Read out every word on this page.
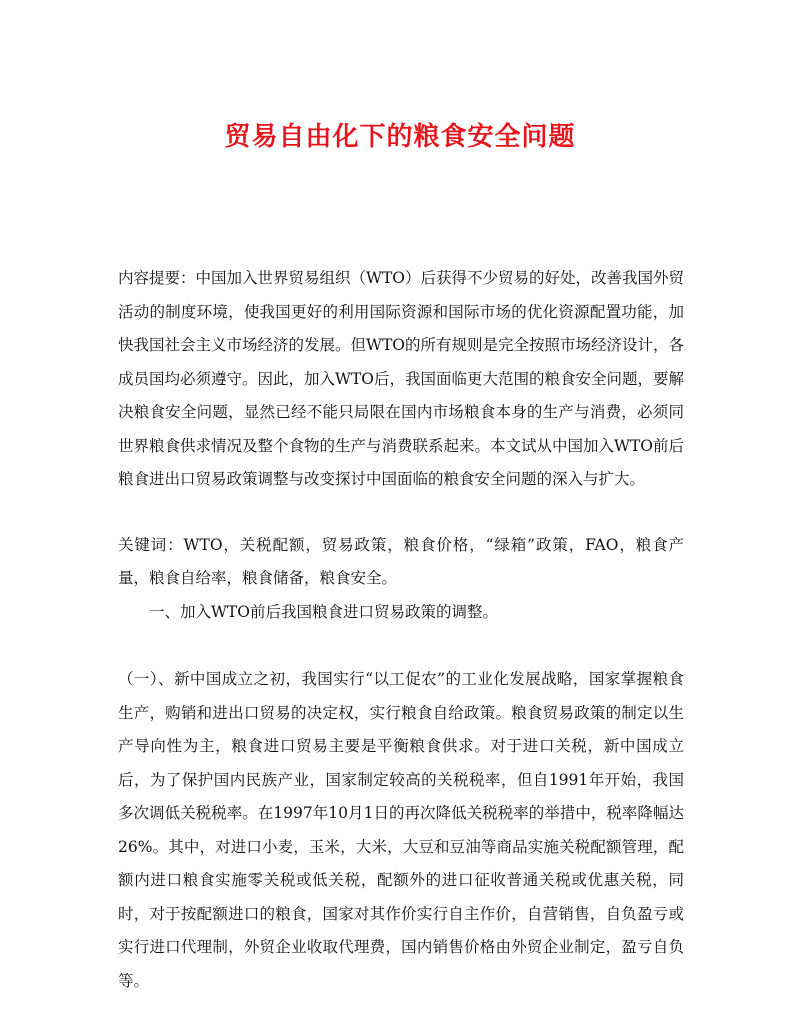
贸易自由化下的粮食安全问题

内容提要：中国加入世界贸易组织（WTO）后获得不少贸易的好处，改善我国外贸活动的制度环境，使我国更好的利用国际资源和国际市场的优化资源配置功能，加快我国社会主义市场经济的发展。但WTO的所有规则是完全按照市场经济设计，各成员国均必须遵守。因此，加入WTO后，我国面临更大范围的粮食安全问题，要解决粮食安全问题，显然已经不能只局限在国内市场粮食本身的生产与消费，必须同世界粮食供求情况及整个食物的生产与消费联系起来。本文试从中国加入WTO前后粮食进出口贸易政策调整与改变探讨中国面临的粮食安全问题的深入与扩大。

关键词：WTO，关税配额，贸易政策，粮食价格，“绿箱”政策，FAO，粮食产量，粮食自给率，粮食储备，粮食安全。

一、加入WTO前后我国粮食进口贸易政策的调整。

（一）、新中国成立之初，我国实行“以工促农”的工业化发展战略，国家掌握粮食生产，购销和进出口贸易的决定权，实行粮食自给政策。粮食贸易政策的制定以生产导向性为主，粮食进口贸易主要是平衡粮食供求。对于进口关税，新中国成立后，为了保护国内民族产业，国家制定较高的关税税率，但自1991年开始，我国多次调低关税税率。在1997年10月1日的再次降低关税税率的举措中，税率降幅达26%。其中，对进口小麦，玉米，大米，大豆和豆油等商品实施关税配额管理，配额内进口粮食实施零关税或低关税，配额外的进口征收普通关税或优惠关税，同时，对于按配额进口的粮食，国家对其作价实行自主作价，自营销售，自负盈亏或实行进口代理制，外贸企业收取代理费，国内销售价格由外贸企业制定，盈亏自负等。
